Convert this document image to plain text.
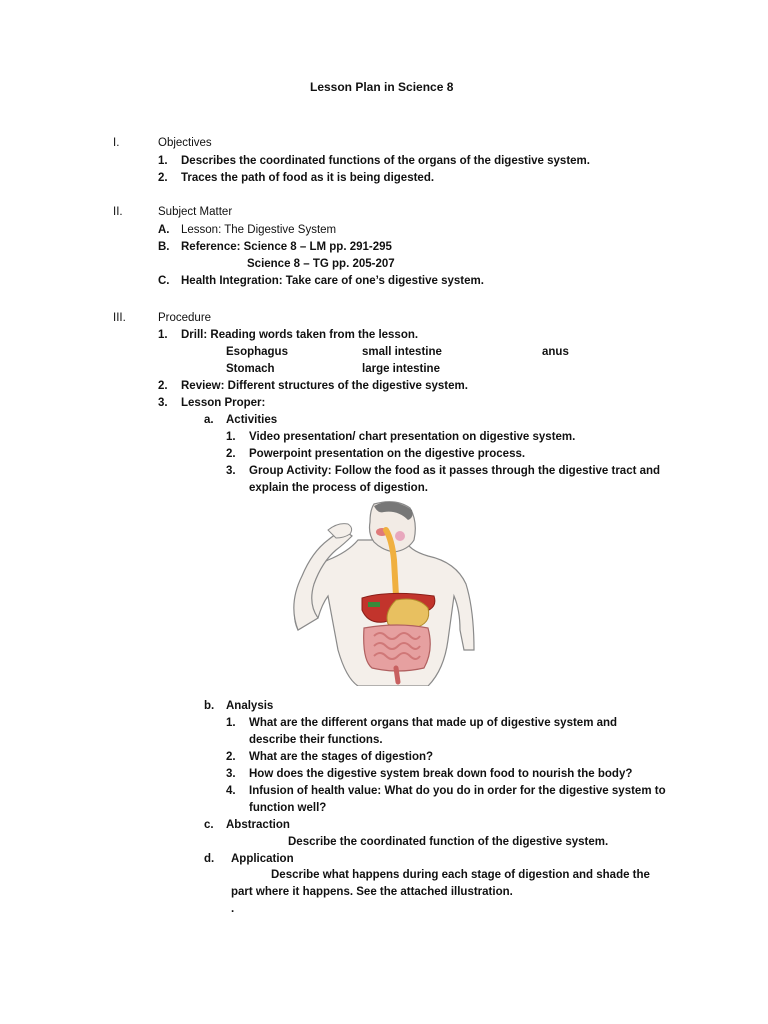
Lesson Plan in Science 8
I.	Objectives
1. Describes the coordinated functions of the organs of the digestive system.
2. Traces the path of food as it is being digested.
II.	Subject Matter
A. Lesson: The Digestive System
B. Reference: Science 8 – LM pp. 291-295
Science 8 – TG pp. 205-207
C. Health Integration: Take care of one’s digestive system.
III.	Procedure
1. Drill: Reading words taken from the lesson.
Esophagus	small intestine	anus
Stomach	large intestine
2. Review: Different structures of the digestive system.
3. Lesson Proper:
a. Activities
1. Video presentation/ chart presentation on digestive system.
2. Powerpoint presentation on the digestive process.
3. Group Activity: Follow the food as it passes through the digestive tract and
explain the process of digestion.
b. Analysis
1. What are the different organs that made up of digestive system and
describe their functions.
2. What are the stages of digestion?
3. How does the digestive system break down food to nourish the body?
4. Infusion of health value: What do you do in order for the digestive system to
function well?
c. Abstraction
Describe the coordinated function of the digestive system.
d. Application
Describe what happens during each stage of digestion and shade the
part where it happens. See the attached illustration.
.
